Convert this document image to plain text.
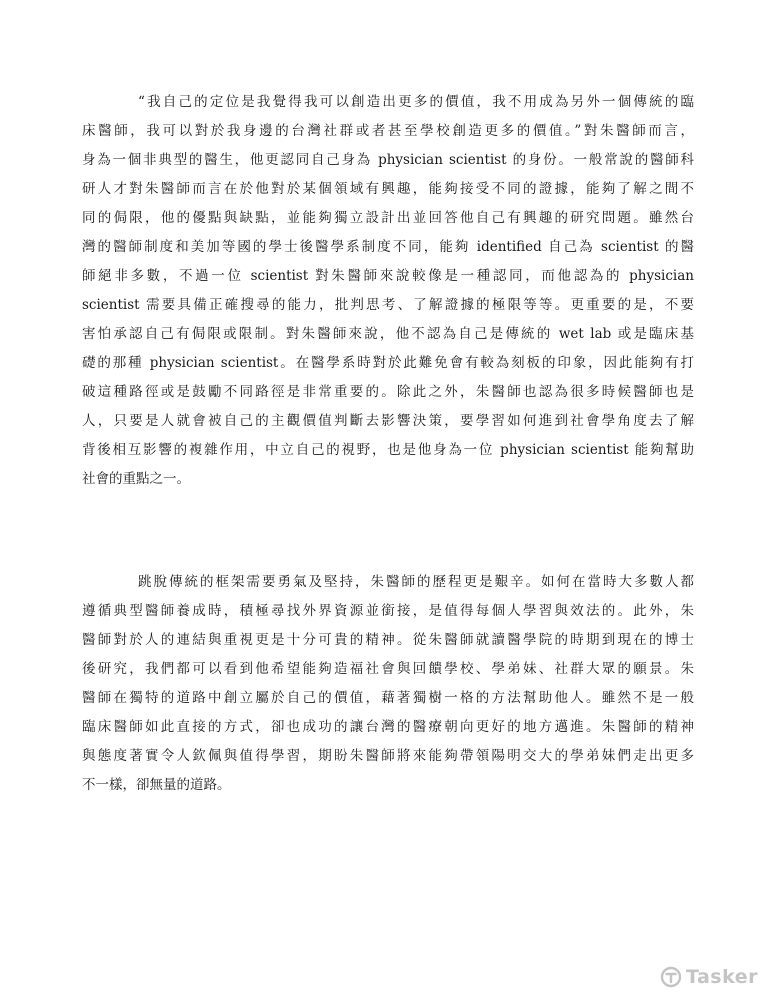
“我自己的定位是我覺得我可以創造出更多的價值，我不用成為另外一個傳統的臨
床醫師，我可以對於我身邊的台灣社群或者甚至學校創造更多的價值。”對朱醫師而言，
身為一個非典型的醫生，他更認同自己身為 physician scientist 的身份。一般常說的醫師科
研人才對朱醫師而言在於他對於某個領域有興趣，能夠接受不同的證據，能夠了解之間不
同的侷限，他的優點與缺點，並能夠獨立設計出並回答他自己有興趣的研究問題。雖然台
灣的醫師制度和美加等國的學士後醫學系制度不同，能夠 identified 自己為 scientist 的醫
師絕非多數，不過一位 scientist 對朱醫師來說較像是一種認同，而他認為的 physician
scientist 需要具備正確搜尋的能力，批判思考、了解證據的極限等等。更重要的是，不要
害怕承認自己有侷限或限制。對朱醫師來說，他不認為自己是傳統的 wet lab 或是臨床基
礎的那種 physician scientist。在醫學系時對於此難免會有較為刻板的印象，因此能夠有打
破這種路徑或是鼓勵不同路徑是非常重要的。除此之外，朱醫師也認為很多時候醫師也是
人，只要是人就會被自己的主觀價值判斷去影響決策，要學習如何進到社會學角度去了解
背後相互影響的複雜作用，中立自己的視野，也是他身為一位 physician scientist 能夠幫助
社會的重點之一。

跳脫傳統的框架需要勇氣及堅持，朱醫師的歷程更是艱辛。如何在當時大多數人都
遵循典型醫師養成時，積極尋找外界資源並銜接，是值得每個人學習與效法的。此外，朱
醫師對於人的連結與重視更是十分可貴的精神。從朱醫師就讀醫學院的時期到現在的博士
後研究，我們都可以看到他希望能夠造福社會與回饋學校、學弟妹、社群大眾的願景。朱
醫師在獨特的道路中創立屬於自己的價值，藉著獨樹一格的方法幫助他人。雖然不是一般
臨床醫師如此直接的方式，卻也成功的讓台灣的醫療朝向更好的地方邁進。朱醫師的精神
與態度著實令人欽佩與值得學習，期盼朱醫師將來能夠帶領陽明交大的學弟妹們走出更多
不一樣，卻無量的道路。

Tasker
